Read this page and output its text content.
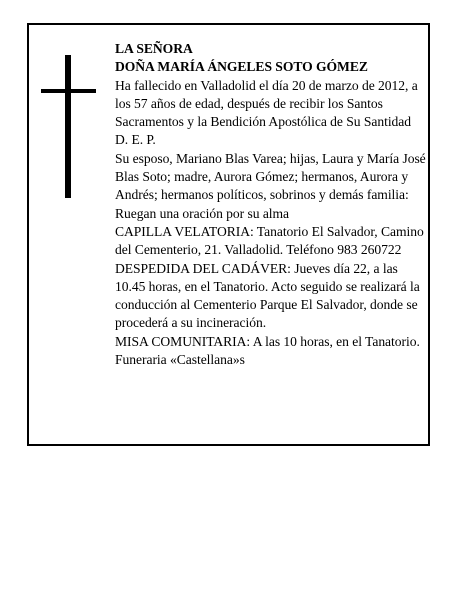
LA SEÑORA

DOÑA MARÍA ÁNGELES SOTO GÓMEZ

Ha fallecido en Valladolid el día 20 de marzo de 2012, a los 57 años de edad, después de recibir los Santos Sacramentos y la Bendición Apostólica de Su Santidad D. E. P.

Su esposo, Mariano Blas Varea; hijas, Laura y María José Blas Soto; madre, Aurora Gómez; hermanos, Aurora y Andrés; hermanos políticos, sobrinos y demás familia:

Ruegan una oración por su alma

CAPILLA VELATORIA: Tanatorio El Salvador, Camino del Cementerio, 21. Valladolid. Teléfono 983 260722

DESPEDIDA DEL CADÁVER: Jueves día 22, a las 10.45 horas, en el Tanatorio. Acto seguido se realizará la conducción al Cementerio Parque El Salvador, donde se procederá a su incineración.

MISA COMUNITARIA: A las 10 horas, en el Tanatorio.

Funeraria «Castellana»s
